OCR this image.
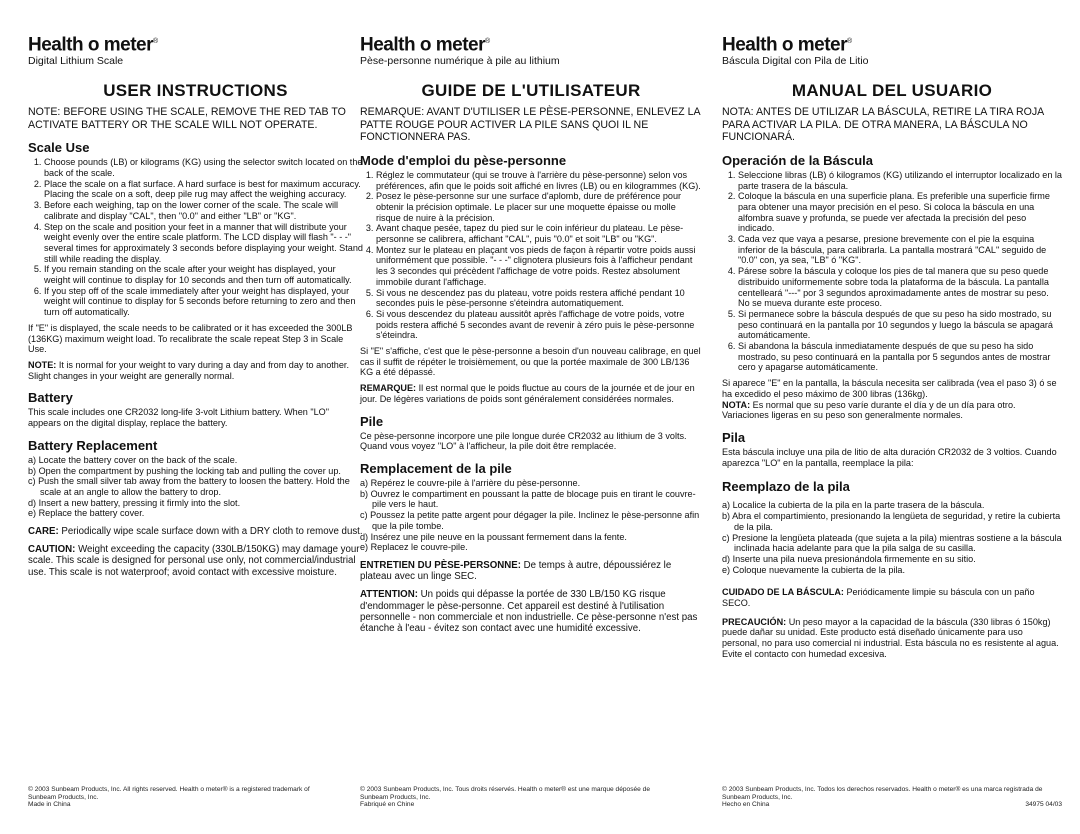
Health o meter®
Digital Lithium Scale
USER INSTRUCTIONS
NOTE: BEFORE USING THE SCALE, REMOVE THE RED TAB TO ACTIVATE BATTERY OR THE SCALE WILL NOT OPERATE.
Scale Use
1. Choose pounds (LB) or kilograms (KG) using the selector switch located on the back of the scale.
2. Place the scale on a flat surface. A hard surface is best for maximum accuracy. Placing the scale on a soft, deep pile rug may affect the weighing accuracy.
3. Before each weighing, tap on the lower corner of the scale. The scale will calibrate and display "CAL", then "0.0" and either "LB" or "KG".
4. Step on the scale and position your feet in a manner that will distribute your weight evenly over the entire scale platform. The LCD display will flash "- - -" several times for approximately 3 seconds before displaying your weight. Stand still while reading the display.
5. If you remain standing on the scale after your weight has displayed, your weight will continue to display for 10 seconds and then turn off automatically.
6. If you step off of the scale immediately after your weight has displayed, your weight will continue to display for 5 seconds before returning to zero and then turn off automatically.

If "E" is displayed, the scale needs to be calibrated or it has exceeded the 300LB (136KG) maximum weight load. To recalibrate the scale repeat Step 3 in Scale Use.

NOTE: It is normal for your weight to vary during a day and from day to another. Slight changes in your weight are generally normal.

Battery

This scale includes one CR2032 long-life 3-volt Lithium battery. When "LO" appears on the digital display, replace the battery.

Battery Replacement
a) Locate the battery cover on the back of the scale.
b) Open the compartment by pushing the locking tab and pulling the cover up.
c) Push the small silver tab away from the battery to loosen the battery. Hold the scale at an angle to allow the battery to drop.
d) Insert a new battery, pressing it firmly into the slot.
e) Replace the battery cover.

CARE: Periodically wipe scale surface down with a DRY cloth to remove dust.

CAUTION: Weight exceeding the capacity (330LB/150KG) may damage your scale. This scale is designed for personal use only, not commercial/industrial use. This scale is not waterproof; avoid contact with excessive moisture.

Health o meter®
Pèse-personne numérique à pile au lithium
GUIDE DE L'UTILISATEUR
REMARQUE: AVANT D'UTILISER LE PÈSE-PERSONNE, ENLEVEZ LA PATTE ROUGE POUR ACTIVER LA PILE SANS QUOI IL NE FONCTIONNERA PAS.
Mode d'emploi du pèse-personne
1. Réglez le commutateur (qui se trouve à l'arrière du pèse-personne) selon vos préférences, afin que le poids soit affiché en livres (LB) ou en kilogrammes (KG).
2. Posez le pèse-personne sur une surface d'aplomb, dure de préférence pour obtenir la précision optimale. Le placer sur une moquette épaisse ou molle risque de nuire à la précision.
3. Avant chaque pesée, tapez du pied sur le coin inférieur du plateau. Le pèse-personne se calibrera, affichant "CAL", puis "0.0" et soit "LB" ou "KG".
4. Montez sur le plateau en plaçant vos pieds de façon à répartir votre poids aussi uniformément que possible. "- - -" clignotera plusieurs fois à l'afficheur pendant les 3 secondes qui précèdent l'affichage de votre poids. Restez absolument immobile durant l'affichage.
5. Si vous ne descendez pas du plateau, votre poids restera affiché pendant 10 secondes puis le pèse-personne s'éteindra automatiquement.
6. Si vous descendez du plateau aussitôt après l'affichage de votre poids, votre poids restera affiché 5 secondes avant de revenir à zéro puis le pèse-personne s'éteindra.

Si "E" s'affiche, c'est que le pèse-personne a besoin d'un nouveau calibrage, en quel cas il suffit de répéter le troisièmement, ou que la portée maximale de 300 LB/136 KG a été dépassé.

REMARQUE: Il est normal que le poids fluctue au cours de la journée et de jour en jour. De légères variations de poids sont généralement considérées normales.

Pile

Ce pèse-personne incorpore une pile longue durée CR2032 au lithium de 3 volts. Quand vous voyez "LO" à l'afficheur, la pile doit être remplacée.

Remplacement de la pile
a) Repérez le couvre-pile à l'arrière du pèse-personne.
b) Ouvrez le compartiment en poussant la patte de blocage puis en tirant le couvre-pile vers le haut.
c) Poussez la petite patte argent pour dégager la pile. Inclinez le pèse-personne afin que la pile tombe.
d) Insérez une pile neuve en la poussant fermement dans la fente.
e) Replacez le couvre-pile.

ENTRETIEN DU PÈSE-PERSONNE: De temps à autre, dépoussiérez le plateau avec un linge SEC.

ATTENTION: Un poids qui dépasse la portée de 330 LB/150 KG risque d'endommager le pèse-personne. Cet appareil est destiné à l'utilisation personnelle - non commerciale et non industrielle. Ce pèse-personne n'est pas étanche à l'eau - évitez son contact avec une humidité excessive.

Health o meter®
Báscula Digital con Pila de Litio
MANUAL DEL USUARIO
NOTA: ANTES DE UTILIZAR LA BÁSCULA, RETIRE LA TIRA ROJA PARA ACTIVAR LA PILA. DE OTRA MANERA, LA BÁSCULA NO FUNCIONARÁ.
Operación de la Báscula
1. Seleccione libras (LB) ó kilogramos (KG) utilizando el interruptor localizado en la parte trasera de la báscula.
2. Coloque la báscula en una superficie plana. Es preferible una superficie firme para obtener una mayor precisión en el peso. Si coloca la báscula en una alfombra suave y profunda, se puede ver afectada la precisión del peso indicado.
3. Cada vez que vaya a pesarse, presione brevemente con el pie la esquina inferior de la báscula, para calibrarla. La pantalla mostrará "CAL" seguido de "0.0" con, ya sea, "LB" ó "KG".
4. Párese sobre la báscula y coloque los pies de tal manera que su peso quede distribuido uniformemente sobre toda la plataforma de la báscula. La pantalla centelleará "---" por 3 segundos aproximadamente antes de mostrar su peso. No se mueva durante este proceso.
5. Si permanece sobre la báscula después de que su peso ha sido mostrado, su peso continuará en la pantalla por 10 segundos y luego la báscula se apagará automáticamente.
6. Si abandona la báscula inmediatamente después de que su peso ha sido mostrado, su peso continuará en la pantalla por 5 segundos antes de mostrar cero y apagarse automáticamente.

Si aparece "E" en la pantalla, la báscula necesita ser calibrada (vea el paso 3) ó se ha excedido el peso máximo de 300 libras (136kg).

NOTA: Es normal que su peso varíe durante el día y de un día para otro. Variaciones ligeras en su peso son generalmente normales.

Pila

Esta báscula incluye una pila de litio de alta duración CR2032 de 3 voltios. Cuando aparezca "LO" en la pantalla, reemplace la pila:

Reemplazo de la pila
a) Localice la cubierta de la pila en la parte trasera de la báscula.
b) Abra el compartimiento, presionando la lengüeta de seguridad, y retire la cubierta de la pila.
c) Presione la lengüeta plateada (que sujeta a la pila) mientras sostiene a la báscula inclinada hacia adelante para que la pila salga de su casilla.
d) Inserte una pila nueva presionándola firmemente en su sitio.
e) Coloque nuevamente la cubierta de la pila.

CUIDADO DE LA BÁSCULA: Periódicamente limpie su báscula con un paño SECO.

PRECAUCIÓN: Un peso mayor a la capacidad de la báscula (330 libras ó 150kg) puede dañar su unidad. Este producto está diseñado únicamente para uso personal, no para uso comercial ni industrial. Esta báscula no es resistente al agua. Evite el contacto con humedad excesiva.

© 2003 Sunbeam Products, Inc. All rights reserved. Health o meter® is a registered trademark of Sunbeam Products, Inc.
Made in China
© 2003 Sunbeam Products, Inc. Tous droits réservés. Health o meter® est une marque déposée de Sunbeam Products, Inc.
Fabriqué en Chine
© 2003 Sunbeam Products, Inc. Todos los derechos reservados. Health o meter® es una marca registrada de Sunbeam Products, Inc.
Hecho en China	34975 04/03
